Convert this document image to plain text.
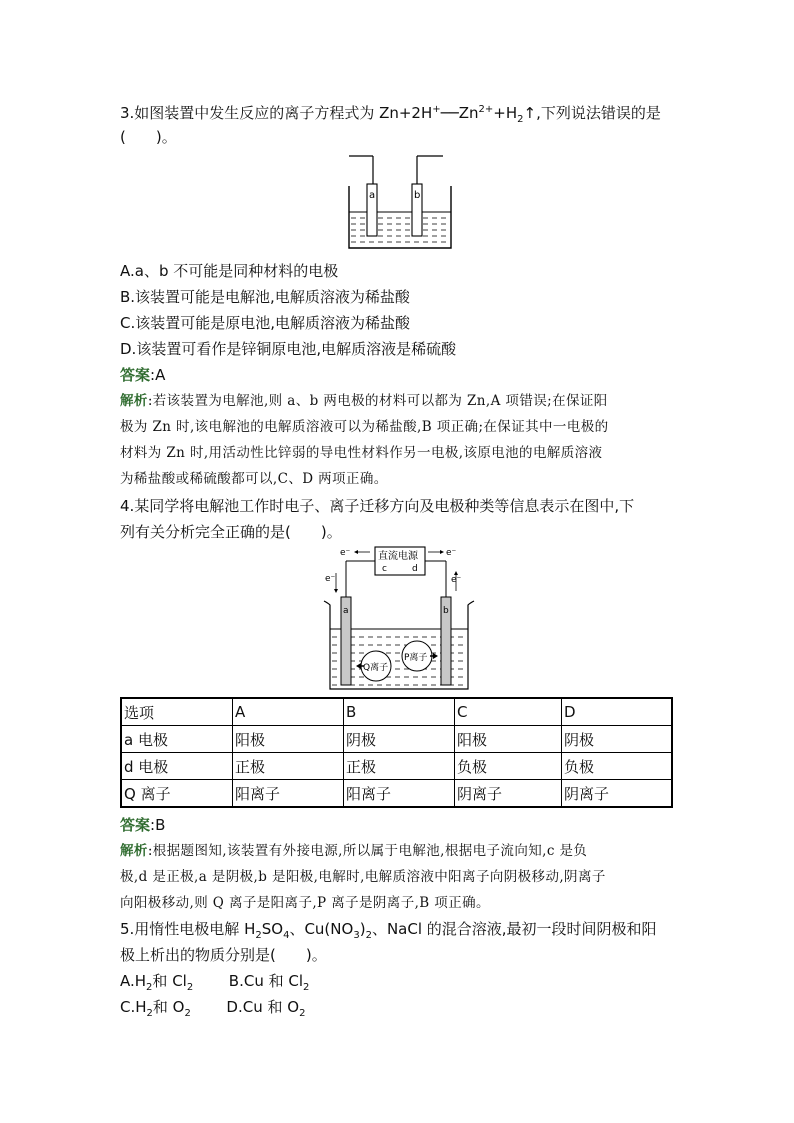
3.如图装置中发生反应的离子方程式为 $Zn+2H^+──Zn^{2+}+H_2↑$,下列说法错误的是
(　　)。
a	b
A.a、b 不可能是同种材料的电极
B.该装置可能是电解池,电解质溶液为稀盐酸
C.该装置可能是原电池,电解质溶液为稀盐酸
D.该装置可看作是锌铜原电池,电解质溶液是稀硫酸
答案:A
解析:若该装置为电解池,则 a、b 两电极的材料可以都为 Zn,A 项错误;在保证阳
极为 Zn 时,该电解池的电解质溶液可以为稀盐酸,B 项正确;在保证其中一电极的
材料为 Zn 时,用活动性比锌弱的导电性材料作另一电极,该原电池的电解质溶液
为稀盐酸或稀硫酸都可以,C、D 两项正确。
4.某同学将电解池工作时电子、离子迁移方向及电极种类等信息表示在图中,下
列有关分析完全正确的是(　　)。
直流电源
c	d
e⁻	e⁻
e⁻	e⁻
a	b
Q离子
P离子
选项	A	B	C	D
a 电极	阳极	阴极	阳极	阴极
d 电极	正极	正极	负极	负极
Q 离子	阳离子	阳离子	阴离子	阴离子
答案:B
解析:根据题图知,该装置有外接电源,所以属于电解池,根据电子流向知,c 是负
极,d 是正极,a 是阴极,b 是阳极,电解时,电解质溶液中阳离子向阴极移动,阴离子
向阳极移动,则 Q 离子是阳离子,P 离子是阴离子,B 项正确。
5.用惰性电极电解 $H_2SO_4$、$Cu(NO_3)_2$、NaCl 的混合溶液,最初一段时间阴极和阳
极上析出的物质分别是(　　)。
$A.H_2$和 $Cl_2$ B.Cu 和 $Cl_2$
$C.H_2$和 $O_2$ D.Cu 和 $O_2$
